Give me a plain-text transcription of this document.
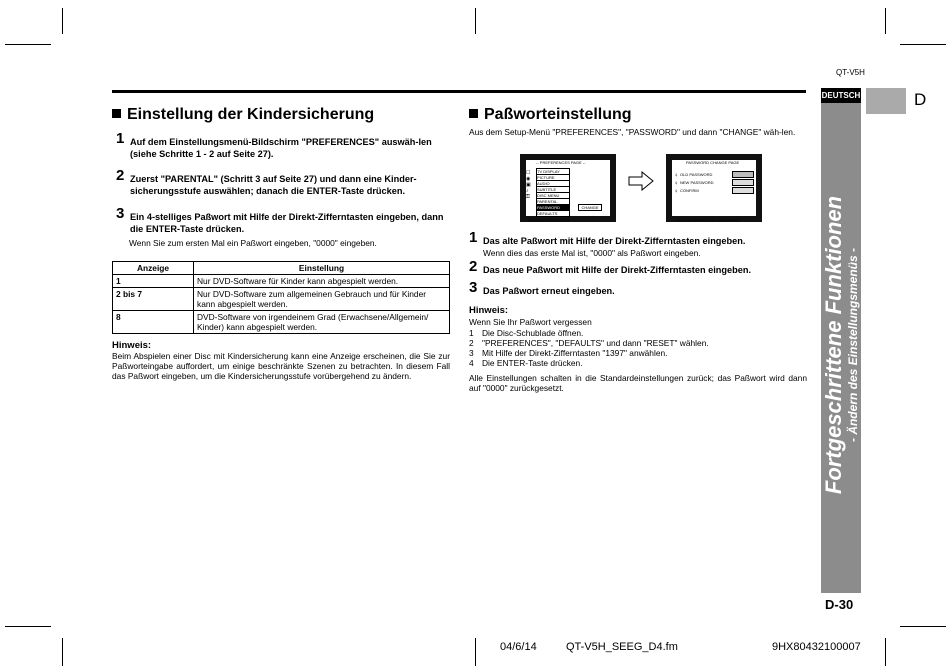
QT-V5H
DEUTSCH	D
Einstellung der Kindersicherung
1 Auf dem Einstellungsmenü-Bildschirm "PREFERENCES" auswäh-len (siehe Schritte 1 - 2 auf Seite 27).
2 Zuerst "PARENTAL" (Schritt 3 auf Seite 27) und dann eine Kinder-sicherungsstufe auswählen; danach die ENTER-Taste drücken.
3 Ein 4-stelliges Paßwort mit Hilfe der Direkt-Zifferntasten eingeben, dann die ENTER-Taste drücken.
Wenn Sie zum ersten Mal ein Paßwort eingeben, "0000" eingeben.
Anzeige	Einstellung
1	Nur DVD-Software für Kinder kann abgespielt werden.
2 bis 7	Nur DVD-Software zum allgemeinen Gebrauch und für Kinder kann abgespielt werden.
8	DVD-Software von irgendeinem Grad (Erwachsene/Allgemein/ Kinder) kann abgespielt werden.
Hinweis:
Beim Abspielen einer Disc mit Kindersicherung kann eine Anzeige erscheinen, die Sie zur Paßworteingabe auffordert, um einige beschränkte Szenen zu betrachten. In diesem Fall das Paßwort eingeben, um die Kindersicherungsstufe vorübergehend zu ändern.
Paßworteinstellung
Aus dem Setup-Menü "PREFERENCES", "PASSWORD" und dann "CHANGE" wäh-len.
-- PREFERENCES PAGE --
☐
◉
▣
♪
⚿
TV DISPLAY
PICTURE
AUDIO
SUBTITLE
DISC MENU
PARENTAL
PASSWORD
DEFAULTS
CHANGE
CHANGE PASSWORD
PASSWORD CHANGE PAGE
OLD PASSWORD
NEW PASSWORD
CONFIRM
♀
♀
♀
PLEASE ENTER OLD PASSWORD
1 Das alte Paßwort mit Hilfe der Direkt-Zifferntasten eingeben.
Wenn dies das erste Mal ist, "0000" als Paßwort eingeben.
2 Das neue Paßwort mit Hilfe der Direkt-Zifferntasten eingeben.
3 Das Paßwort erneut eingeben.
Hinweis:
Wenn Sie Ihr Paßwort vergessen
1 Die Disc-Schublade öffnen.
2 "PREFERENCES", "DEFAULTS" und dann "RESET" wählen.
3 Mit Hilfe der Direkt-Zifferntasten "1397" anwählen.
4 Die ENTER-Taste drücken.
Alle Einstellungen schalten in die Standardeinstellungen zurück; das Paßwort wird dann auf "0000" zurückgesetzt.	Fortgeschrittene Funktionen - Ändern des Einstellungsmenüs -
D-30
04/6/14	QT-V5H_SEEG_D4.fm	9HX80432100007
